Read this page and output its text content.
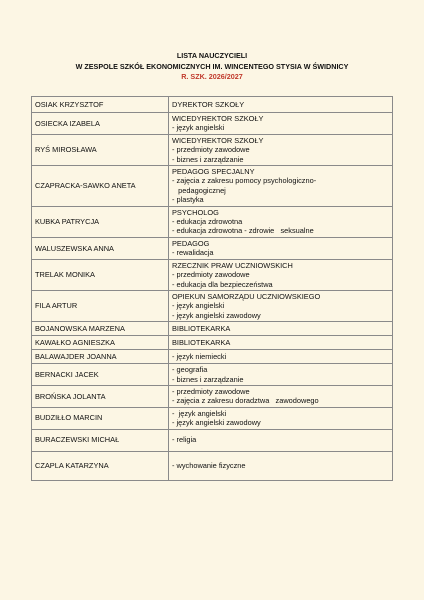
LISTA NAUCZYCIELI
W ZESPOLE SZKÓŁ EKONOMICZNYCH IM. WINCENTEGO STYSIA W ŚWIDNICY
R. SZK. 2026/2027
OSIAK KRZYSZTOF	DYREKTOR SZKOŁY

OSIECKA IZABELA	WICEDYREKTOR SZKOŁY
- język angielski

RYŚ MIROSŁAWA	WICEDYREKTOR SZKOŁY
- przedmioty zawodowe
- biznes i zarządzanie

CZAPRACKA-SAWKO ANETA	PEDAGOG SPECJALNY
- zajęcia z zakresu pomocy psychologiczno-
pedagogicznej
- plastyka

KUBKA PATRYCJA	PSYCHOLOG
- edukacja zdrowotna
- edukacja zdrowotna - zdrowie   seksualne

WALUSZEWSKA ANNA	PEDAGOG
- rewalidacja

TRELAK MONIKA	RZECZNIK PRAW UCZNIOWSKICH
- przedmioty zawodowe
- edukacja dla bezpieczeństwa

FILA ARTUR	OPIEKUN SAMORZĄDU UCZNIOWSKIEGO
- język angielski
- język angielski zawodowy

BOJANOWSKA MARZENA	BIBLIOTEKARKA

KAWAŁKO AGNIESZKA	BIBLIOTEKARKA

BALAWAJDER JOANNA	- język niemiecki

BERNACKI JACEK	- geografia
- biznes i zarządzanie

BROŃSKA JOLANTA	- przedmioty zawodowe
- zajęcia z zakresu doradztwa   zawodowego

BUDZIŁŁO MARCIN	-  język angielski
- język angielski zawodowy

BURACZEWSKI MICHAŁ	- religia

CZAPLA KATARZYNA	- wychowanie fizyczne
